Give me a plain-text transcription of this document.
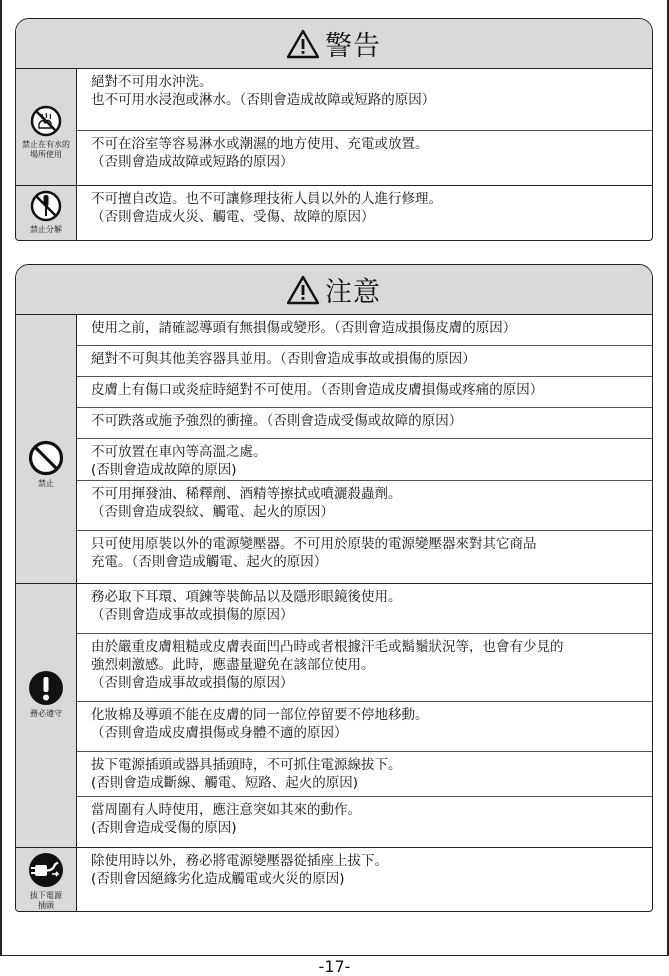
警告
禁止在有水的
場所使用

絕對不可用水沖洗。

也不可用水浸泡或淋水。（否則會造成故障或短路的原因）

不可在浴室等容易淋水或潮濕的地方使用、充電或放置。

（否則會造成故障或短路的原因）

禁止分解

不可擅自改造。也不可讓修理技術人員以外的人進行修理。

（否則會造成火災、觸電、受傷、故障的原因）

注意
禁止

使用之前，請確認導頭有無損傷或變形。（否則會造成損傷皮膚的原因）

絕對不可與其他美容器具並用。（否則會造成事故或損傷的原因）

皮膚上有傷口或炎症時絕對不可使用。（否則會造成皮膚損傷或疼痛的原因）

不可跌落或施予強烈的衝撞。（否則會造成受傷或故障的原因）

不可放置在車內等高溫之處。

(否則會造成故障的原因)

不可用揮發油、稀釋劑、酒精等擦拭或噴灑殺蟲劑。

（否則會造成裂紋、觸電、起火的原因）

只可使用原裝以外的電源變壓器。不可用於原裝的電源變壓器來對其它商品

充電。（否則會造成觸電、起火的原因）

務必遵守

務必取下耳環、項鍊等裝飾品以及隱形眼鏡後使用。

（否則會造成事故或損傷的原因）

由於嚴重皮膚粗糙或皮膚表面凹凸時或者根據汗毛或鬍鬚狀況等，也會有少見的

強烈刺激感。此時，應盡量避免在該部位使用。

（否則會造成事故或損傷的原因）

化妝棉及導頭不能在皮膚的同一部位停留要不停地移動。

（否則會造成皮膚損傷或身體不適的原因）

拔下電源插頭或器具插頭時，不可抓住電源線拔下。

(否則會造成斷線、觸電、短路、起火的原因)

當周圍有人時使用，應注意突如其來的動作。

(否則會造成受傷的原因)

拔下電源
插頭

除使用時以外，務必將電源變壓器從插座上拔下。

(否則會因絕緣劣化造成觸電或火災的原因)

-17-
